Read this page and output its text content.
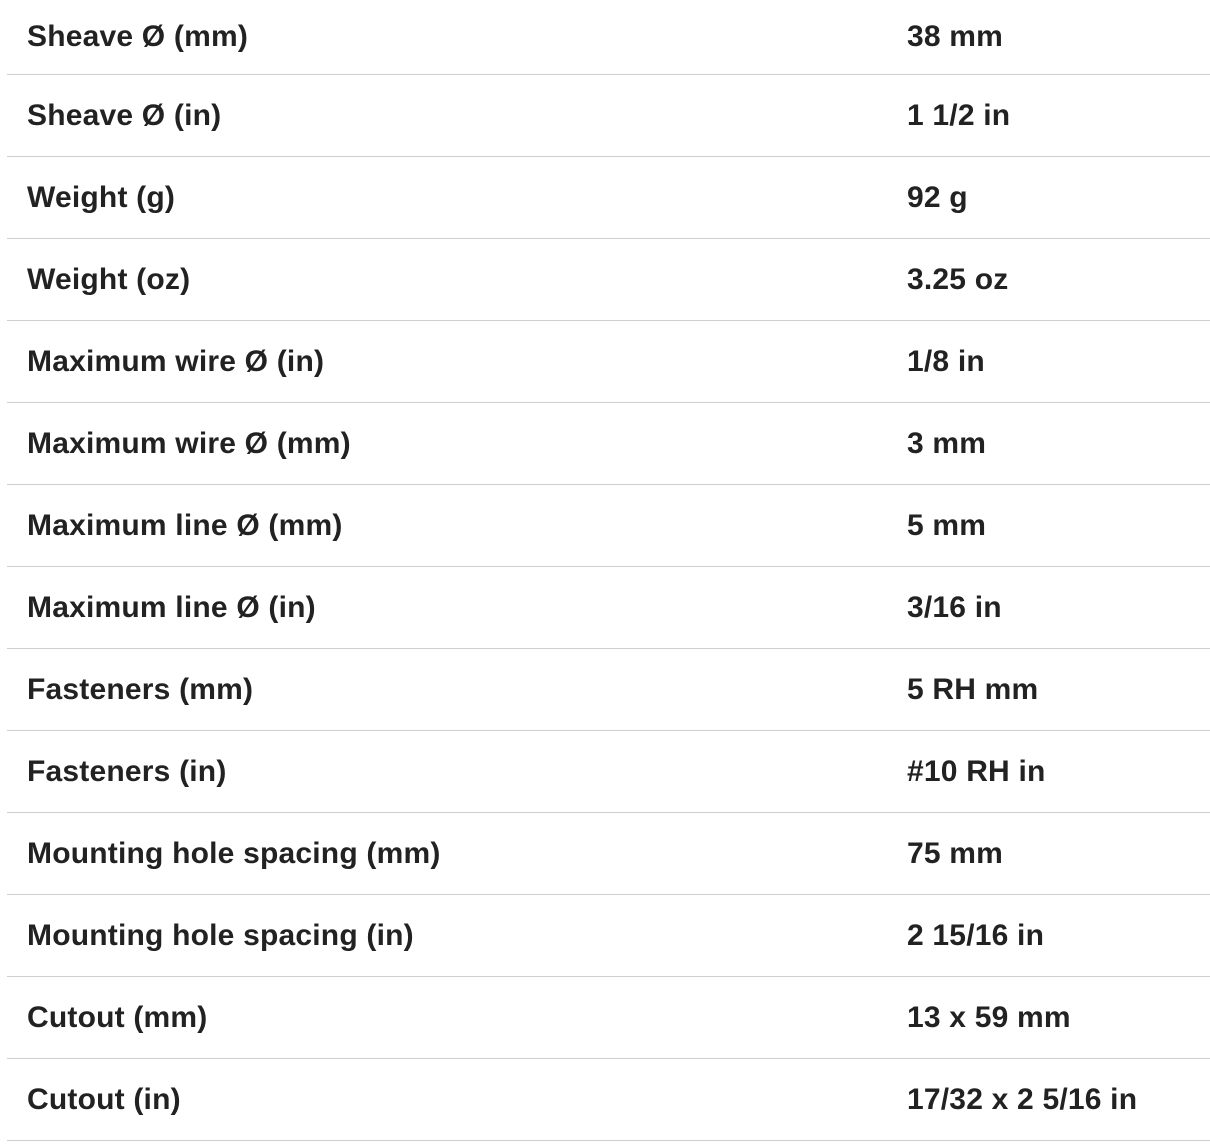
Sheave Ø (mm)	38 mm
Sheave Ø (in)	1 1/2 in
Weight (g)	92 g
Weight (oz)	3.25 oz
Maximum wire Ø (in)	1/8 in
Maximum wire Ø (mm)	3 mm
Maximum line Ø (mm)	5 mm
Maximum line Ø (in)	3/16 in
Fasteners (mm)	5 RH mm
Fasteners (in)	#10 RH in
Mounting hole spacing (mm)	75 mm
Mounting hole spacing (in)	2 15/16 in
Cutout (mm)	13 x 59 mm
Cutout (in)	17/32 x 2 5/16 in
